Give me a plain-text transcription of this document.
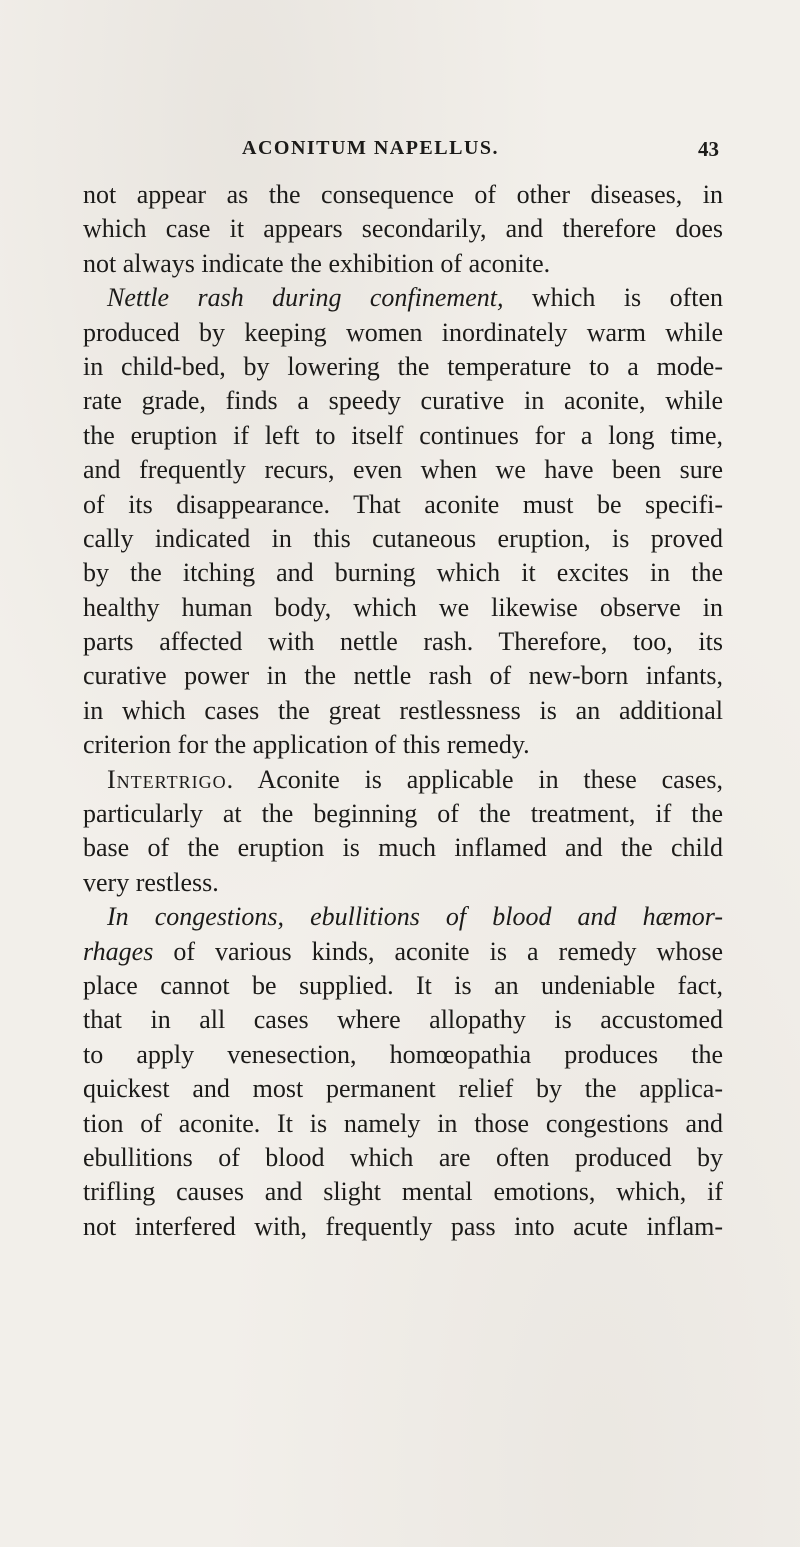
ACONITUM NAPELLUS.	43
not appear as the consequence of other diseases, in
which case it appears secondarily, and therefore does
not always indicate the exhibition of aconite.
Nettle rash during confinement, which is often
produced by keeping women inordinately warm while
in child-bed, by lowering the temperature to a mode-
rate grade, finds a speedy curative in aconite, while
the eruption if left to itself continues for a long time,
and frequently recurs, even when we have been sure
of its disappearance. That aconite must be specifi-
cally indicated in this cutaneous eruption, is proved
by the itching and burning which it excites in the
healthy human body, which we likewise observe in
parts affected with nettle rash. Therefore, too, its
curative power in the nettle rash of new-born infants,
in which cases the great restlessness is an additional
criterion for the application of this remedy.
Intertrigo. Aconite is applicable in these cases,
particularly at the beginning of the treatment, if the
base of the eruption is much inflamed and the child
very restless.
In congestions, ebullitions of blood and hæmor-
rhages of various kinds, aconite is a remedy whose
place cannot be supplied. It is an undeniable fact,
that in all cases where allopathy is accustomed
to apply venesection, homœopathia produces the
quickest and most permanent relief by the applica-
tion of aconite. It is namely in those congestions and
ebullitions of blood which are often produced by
trifling causes and slight mental emotions, which, if
not interfered with, frequently pass into acute inflam-
